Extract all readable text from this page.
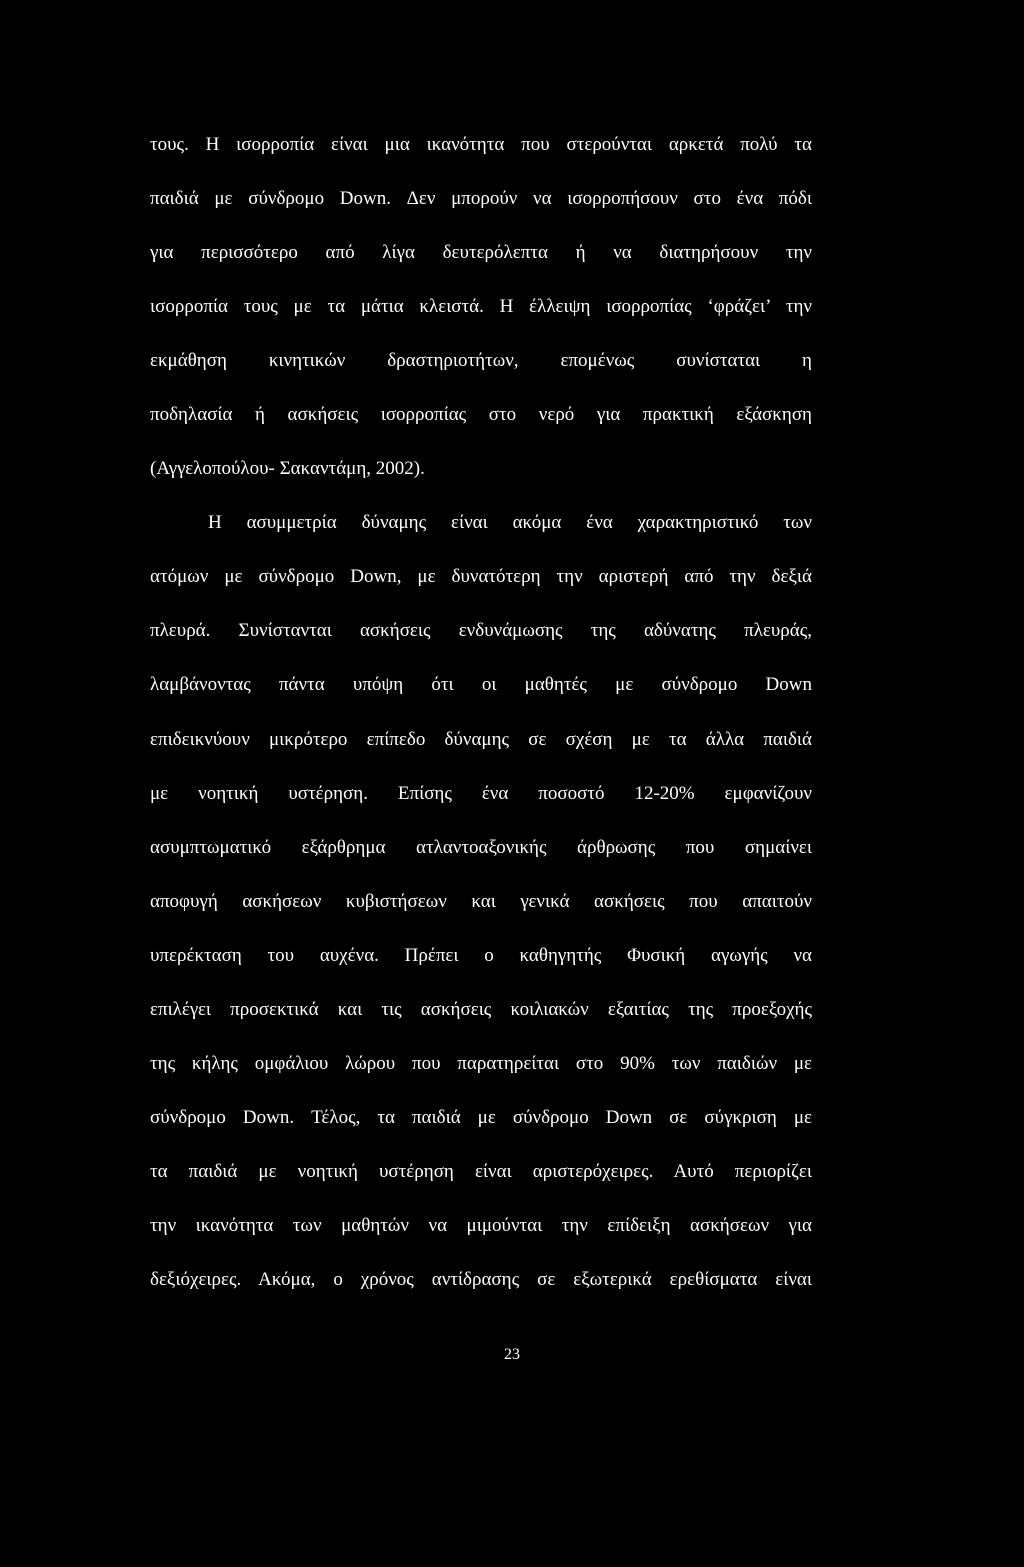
τους. Η ισορροπία είναι μια ικανότητα που στερούνται αρκετά πολύ τα
παιδιά με σύνδρομο Down. Δεν μπορούν να ισορροπήσουν στο ένα πόδι
για περισσότερο από λίγα δευτερόλεπτα ή να διατηρήσουν την
ισορροπία τους με τα μάτια κλειστά. Η έλλειψη ισορροπίας ‘φράζει’ την
εκμάθηση κινητικών δραστηριοτήτων, επομένως συνίσταται η
ποδηλασία ή ασκήσεις ισορροπίας στο νερό για πρακτική εξάσκηση
(Αγγελοπούλου- Σακαντάμη, 2002).
Η ασυμμετρία δύναμης είναι ακόμα ένα χαρακτηριστικό των
ατόμων με σύνδρομο Down, με δυνατότερη την αριστερή από την δεξιά
πλευρά. Συνίστανται ασκήσεις ενδυνάμωσης της αδύνατης πλευράς,
λαμβάνοντας πάντα υπόψη ότι οι μαθητές με σύνδρομο Down
επιδεικνύουν μικρότερο επίπεδο δύναμης σε σχέση με τα άλλα παιδιά
με νοητική υστέρηση. Επίσης ένα ποσοστό 12-20% εμφανίζουν
ασυμπτωματικό εξάρθρημα ατλαντοαξονικής άρθρωσης που σημαίνει
αποφυγή ασκήσεων κυβιστήσεων και γενικά ασκήσεις που απαιτούν
υπερέκταση του αυχένα. Πρέπει ο καθηγητής Φυσική αγωγής να
επιλέγει προσεκτικά και τις ασκήσεις κοιλιακών εξαιτίας της προεξοχής
της κήλης ομφάλιου λώρου που παρατηρείται στο 90% των παιδιών με
σύνδρομο Down. Τέλος, τα παιδιά με σύνδρομο Down σε σύγκριση με
τα παιδιά με νοητική υστέρηση είναι αριστερόχειρες. Αυτό περιορίζει
την ικανότητα των μαθητών να μιμούνται την επίδειξη ασκήσεων για
δεξιόχειρες. Ακόμα, ο χρόνος αντίδρασης σε εξωτερικά ερεθίσματα είναι
23
